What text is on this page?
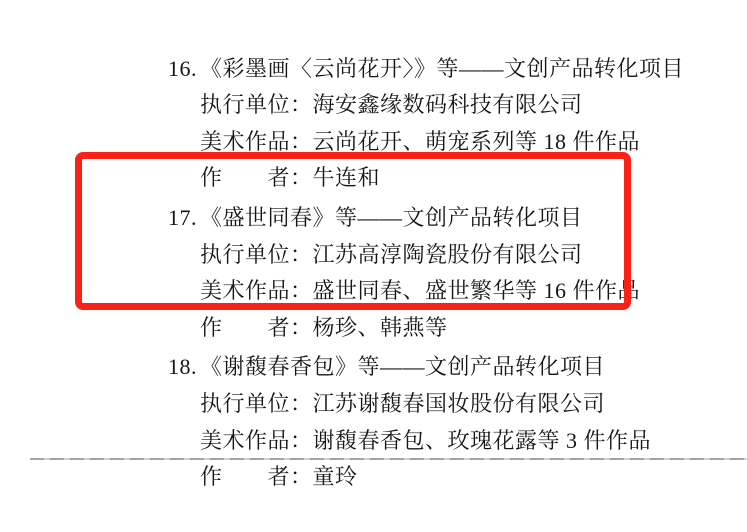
16. 《彩墨画〈云尚花开〉》等——文创产品转化项目

执行单位：海安鑫缘数码科技有限公司

美术作品：云尚花开、萌宠系列等 18 件作品

作　　者：牛连和

17. 《盛世同春》等——文创产品转化项目

执行单位：江苏高淳陶瓷股份有限公司

美术作品：盛世同春、盛世繁华等 16 件作品

作　　者：杨珍、韩燕等

18. 《谢馥春香包》等——文创产品转化项目

执行单位：江苏谢馥春国妆股份有限公司

美术作品：谢馥春香包、玫瑰花露等 3 件作品

作　　者：童玲
